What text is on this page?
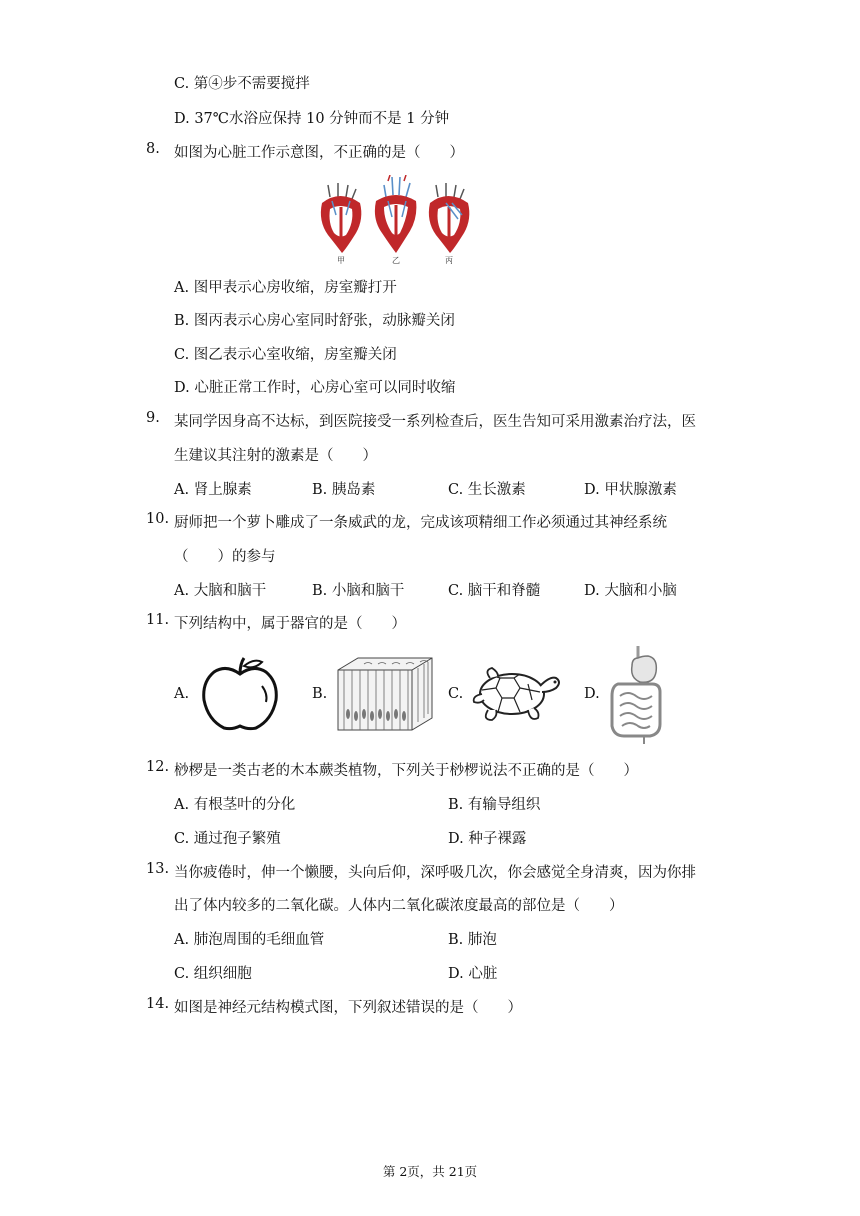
C. 第④步不需要搅拌
D. 37℃水浴应保持 10 分钟而不是 1 分钟
8. 如图为心脏工作示意图，不正确的是（　　）
甲	乙	丙
A. 图甲表示心房收缩，房室瓣打开
B. 图丙表示心房心室同时舒张，动脉瓣关闭
C. 图乙表示心室收缩，房室瓣关闭
D. 心脏正常工作时，心房心室可以同时收缩
9. 某同学因身高不达标，到医院接受一系列检查后，医生告知可采用激素治疗法，医
生建议其注射的激素是（　　）
A. 肾上腺素	B. 胰岛素	C. 生长激素	D. 甲状腺激素
10. 厨师把一个萝卜雕成了一条威武的龙，完成该项精细工作必须通过其神经系统
（　　）的参与
A. 大脑和脑干	B. 小脑和脑干	C. 脑干和脊髓	D. 大脑和小脑
11. 下列结构中，属于器官的是（　　）
A.	B.	C.	D.
12. 桫椤是一类古老的木本蕨类植物，下列关于桫椤说法不正确的是（　　）
A. 有根茎叶的分化	B. 有输导组织
C. 通过孢子繁殖	D. 种子裸露
13. 当你疲倦时，伸一个懒腰，头向后仰，深呼吸几次，你会感觉全身清爽，因为你排
出了体内较多的二氧化碳。人体内二氧化碳浓度最高的部位是（　　）
A. 肺泡周围的毛细血管	B. 肺泡
C. 组织细胞	D. 心脏
14. 如图是神经元结构模式图，下列叙述错误的是（　　）
第 2页，共 21页
